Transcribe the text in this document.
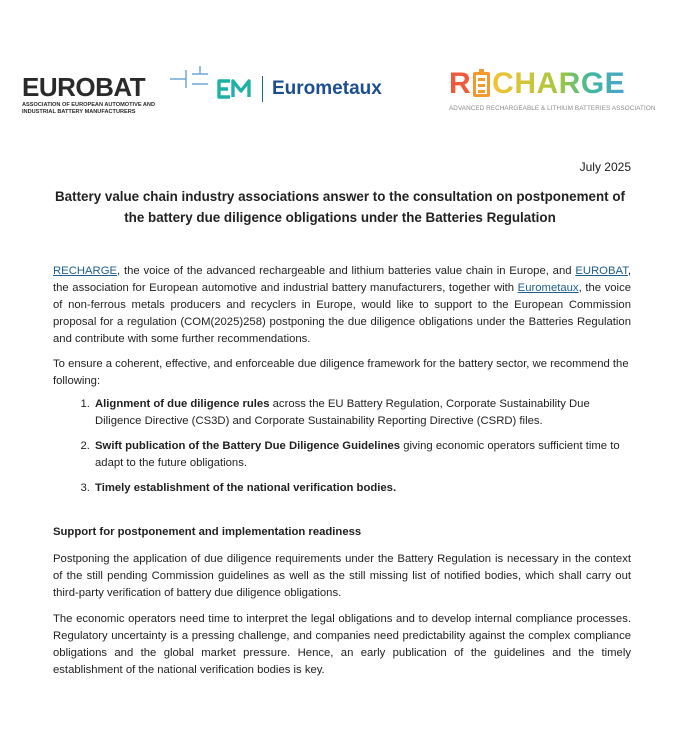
EUROBAT
ASSOCIATION OF EUROPEAN AUTOMOTIVE AND INDUSTRIAL BATTERY MANUFACTURERS
Eurometaux R CHARGE
ADVANCED RECHARGEABLE & LITHIUM BATTERIES ASSOCIATION
July 2025
Battery value chain industry associations answer to the consultation on postponement of the battery due diligence obligations under the Batteries Regulation

RECHARGE, the voice of the advanced rechargeable and lithium batteries value chain in Europe, and EUROBAT, the association for European automotive and industrial battery manufacturers, together with Eurometaux, the voice of non-ferrous metals producers and recyclers in Europe, would like to support to the European Commission proposal for a regulation (COM(2025)258) postponing the due diligence obligations under the Batteries Regulation and contribute with some further recommendations.

To ensure a coherent, effective, and enforceable due diligence framework for the battery sector, we recommend the following:

1. Alignment of due diligence rules across the EU Battery Regulation, Corporate Sustainability Due Diligence Directive (CS3D) and Corporate Sustainability Reporting Directive (CSRD) files.
2. Swift publication of the Battery Due Diligence Guidelines giving economic operators sufficient time to adapt to the future obligations.
3. Timely establishment of the national verification bodies.

Support for postponement and implementation readiness

Postponing the application of due diligence requirements under the Battery Regulation is necessary in the context of the still pending Commission guidelines as well as the still missing list of notified bodies, which shall carry out third-party verification of battery due diligence obligations.

The economic operators need time to interpret the legal obligations and to develop internal compliance processes. Regulatory uncertainty is a pressing challenge, and companies need predictability against the complex compliance obligations and the global market pressure. Hence, an early publication of the guidelines and the timely establishment of the national verification bodies is key.
